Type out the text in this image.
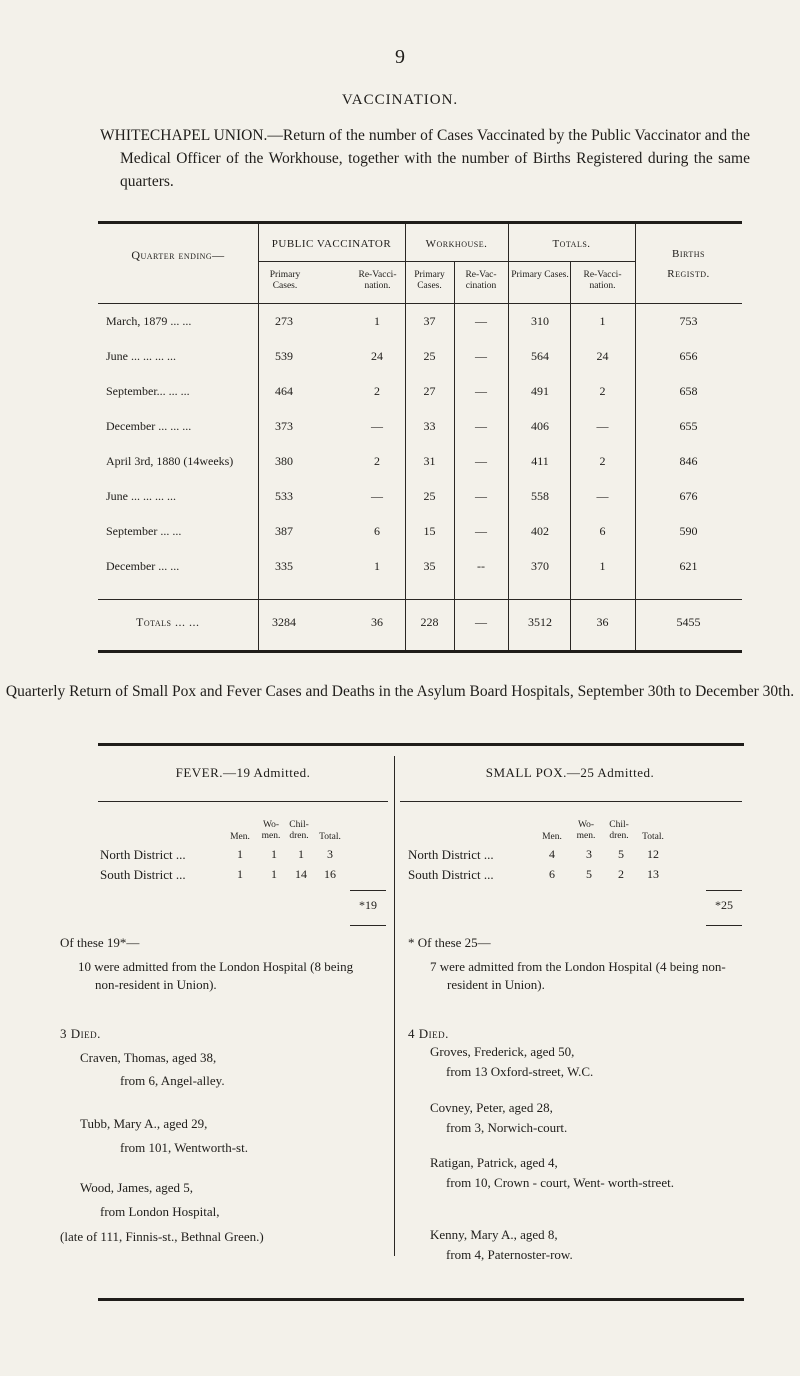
9
VACCINATION.
WHITECHAPEL UNION.—Return of the number of Cases Vaccinated by the Public Vaccinator and the Medical Officer of the Workhouse, together with the number of Births Registered during the same quarters.
Quarter ending—
PUBLIC VACCINATOR	Workhouse.	Totals.
Births
Registd.
Primary Cases.
Re-Vacci- nation.
Primary Cases.
Re-Vac- cination
Primary Cases.	Re-Vacci- nation.
March, 1879 ... ...	273	1	37	—	310	1	753
June ... ... ... ...	539	24	25	—	564	24	656
September... ... ...	464	2	27	—	491	2	658
December ... ... ...	373	—	33	—	406	—	655
April 3rd, 1880 (14weeks)	380	2	31	—	411	2	846
June ... ... ... ...	533	—	25	—	558	—	676
September ... ...	387	6	15	—	402	6	590
December ... ...	335	1	35	--	370	1	621
Totals ... ...	3284	36	228	—	3512	36	5455
Quarterly Return of Small Pox and Fever Cases and Deaths in the Asylum Board Hospitals, September 30th to December 30th.
FEVER.—19 Admitted.	SMALL POX.—25 Admitted.
Men.
Wo- men.
Chil- dren.	Total.
North District ...	1	1	1	3
South District ...	1	1	14	16
Men.
Wo- men.
Chil- dren.	Total.
North District ...	4	3	5	12
South District ...	6	5	2	13
*19	*25
Of these 19*—
10 were admitted from the London Hospital (8 being non-resident in Union).
3 Died.
Craven, Thomas, aged 38,
from 6, Angel-alley.
Tubb, Mary A., aged 29,
from 101, Wentworth-st.
Wood, James, aged 5,
from London Hospital,
(late of 111, Finnis-st., Bethnal Green.)
* Of these 25—
7 were admitted from the London Hospital (4 being non-resident in Union).
4 Died.
Groves, Frederick, aged 50,
from 13 Oxford-street, W.C.
Covney, Peter, aged 28,
from 3, Norwich-court.
Ratigan, Patrick, aged 4,
from 10, Crown - court, Went- worth-street.
Kenny, Mary A., aged 8,
from 4, Paternoster-row.
